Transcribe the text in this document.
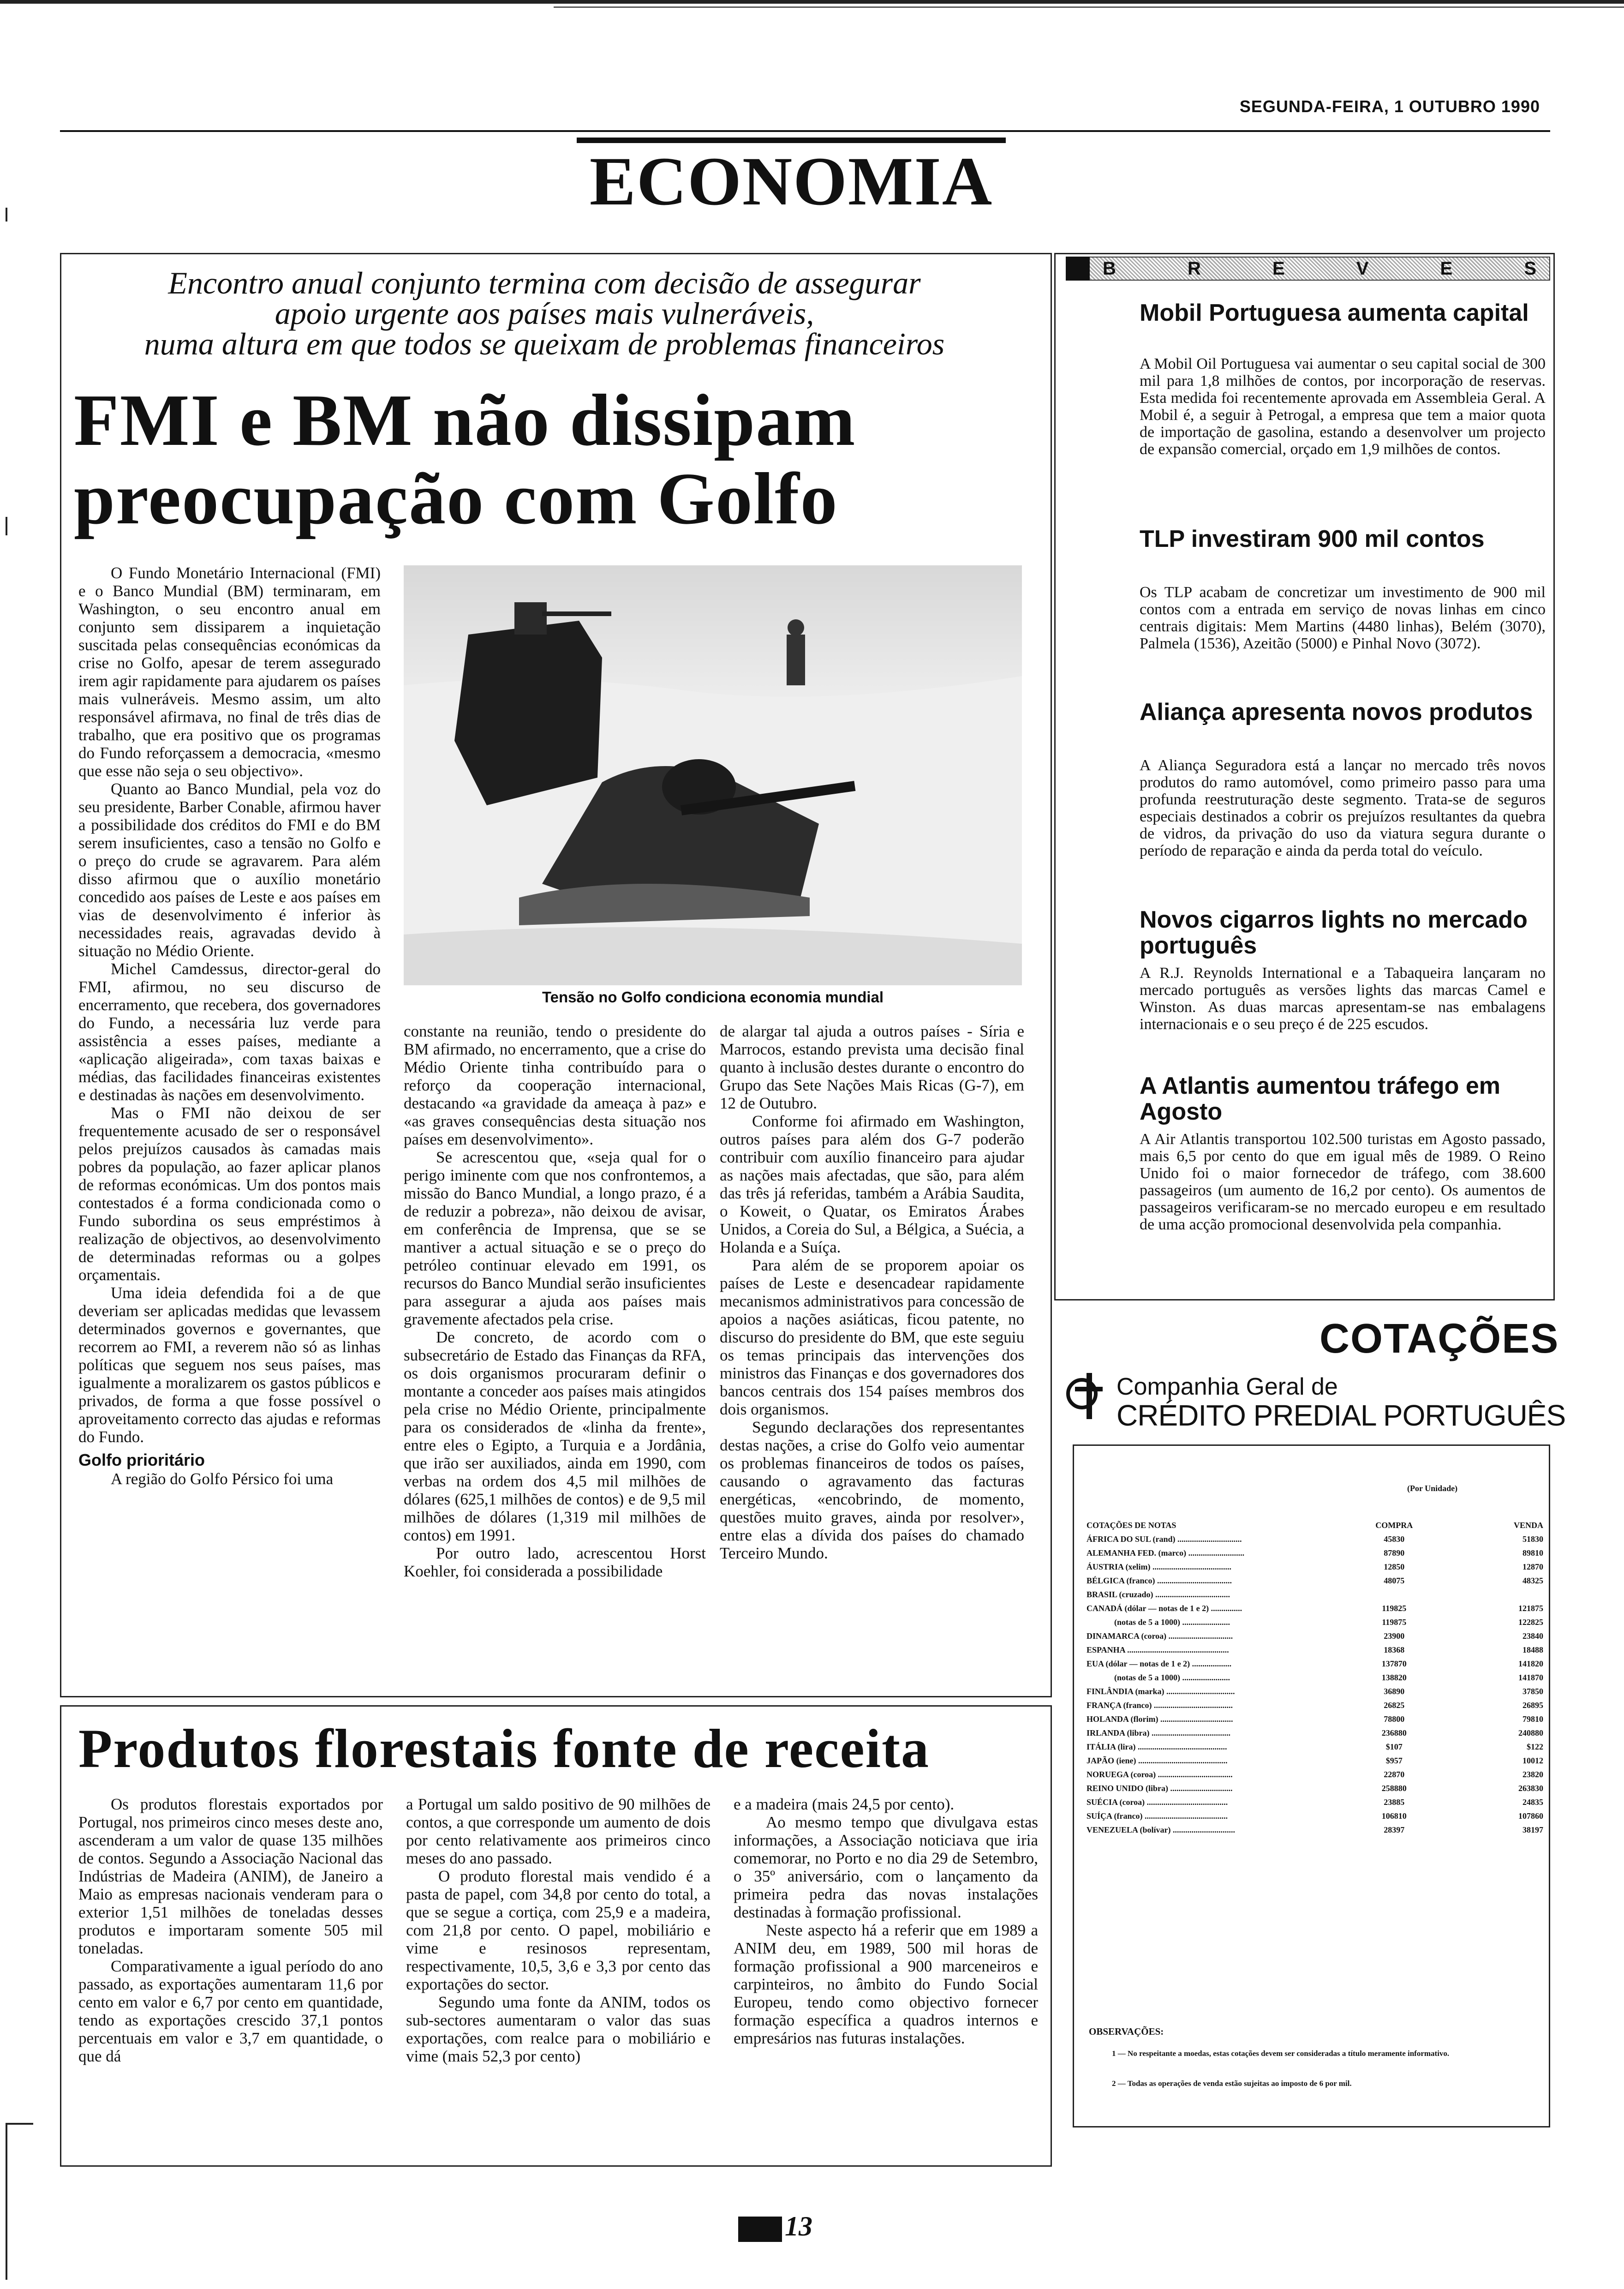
SEGUNDA-FEIRA, 1 OUTUBRO 1990
ECONOMIA
Encontro anual conjunto termina com decisão de assegurar
apoio urgente aos países mais vulneráveis,
numa altura em que todos se queixam de problemas financeiros
FMI e BM não dissipam
preocupação com Golfo

O Fundo Monetário Internacional (FMI) e o Banco Mundial (BM) terminaram, em Washington, o seu encontro anual em conjunto sem dissiparem a inquietação suscitada pelas consequências económicas da crise no Golfo, apesar de terem assegurado irem agir rapidamente para ajudarem os países mais vulneráveis. Mesmo assim, um alto responsável afirmava, no final de três dias de trabalho, que era positivo que os programas do Fundo reforçassem a democracia, «mesmo que esse não seja o seu objectivo».

Quanto ao Banco Mundial, pela voz do seu presidente, Barber Conable, afirmou haver a possibilidade dos créditos do FMI e do BM serem insuficientes, caso a tensão no Golfo e o preço do crude se agravarem. Para além disso afirmou que o auxílio monetário concedido aos países de Leste e aos países em vias de desenvolvimento é inferior às necessidades reais, agravadas devido à situação no Médio Oriente.

Michel Camdessus, director-geral do FMI, afirmou, no seu discurso de encerramento, que recebera, dos governadores do Fundo, a necessária luz verde para assistência a esses países, mediante a «aplicação aligeirada», com taxas baixas e médias, das facilidades financeiras existentes e destinadas às nações em desenvolvimento.

Mas o FMI não deixou de ser frequentemente acusado de ser o responsável pelos prejuízos causados às camadas mais pobres da população, ao fazer aplicar planos de reformas económicas. Um dos pontos mais contestados é a forma condicionada como o Fundo subordina os seus empréstimos à realização de objectivos, ao desenvolvimento de determinadas reformas ou a golpes orçamentais.

Uma ideia defendida foi a de que deveriam ser aplicadas medidas que levassem determinados governos e governantes, que recorrem ao FMI, a reverem não só as linhas políticas que seguem nos seus países, mas igualmente a moralizarem os gastos públicos e privados, de forma a que fosse possível o aproveitamento correcto das ajudas e reformas do Fundo.

Golfo prioritário

A região do Golfo Pérsico foi uma

Tensão no Golfo condiciona economia mundial

constante na reunião, tendo o presidente do BM afirmado, no encerramento, que a crise do Médio Oriente tinha contribuído para o reforço da cooperação internacional, destacando «a gravidade da ameaça à paz» e «as graves consequências desta situação nos países em desenvolvimento».

Se acrescentou que, «seja qual for o perigo iminente com que nos confrontemos, a missão do Banco Mundial, a longo prazo, é a de reduzir a pobreza», não deixou de avisar, em conferência de Imprensa, que se se mantiver a actual situação e se o preço do petróleo continuar elevado em 1991, os recursos do Banco Mundial serão insuficientes para assegurar a ajuda aos países mais gravemente afectados pela crise.

De concreto, de acordo com o subsecretário de Estado das Finanças da RFA, os dois organismos procuraram definir o montante a conceder aos países mais atingidos pela crise no Médio Oriente, principalmente para os considerados de «linha da frente», entre eles o Egipto, a Turquia e a Jordânia, que irão ser auxiliados, ainda em 1990, com verbas na ordem dos 4,5 mil milhões de dólares (625,1 milhões de contos) e de 9,5 mil milhões de dólares (1,319 mil milhões de contos) em 1991.

Por outro lado, acrescentou Horst Koehler, foi considerada a possibilidade

de alargar tal ajuda a outros países - Síria e Marrocos, estando prevista uma decisão final quanto à inclusão destes durante o encontro do Grupo das Sete Nações Mais Ricas (G-7), em 12 de Outubro.

Conforme foi afirmado em Washington, outros países para além dos G-7 poderão contribuir com auxílio financeiro para ajudar as nações mais afectadas, que são, para além das três já referidas, também a Arábia Saudita, o Koweit, o Quatar, os Emiratos Árabes Unidos, a Coreia do Sul, a Bélgica, a Suécia, a Holanda e a Suíça.

Para além de se proporem apoiar os países de Leste e desencadear rapidamente mecanismos administrativos para concessão de apoios a nações asiáticas, ficou patente, no discurso do presidente do BM, que este seguiu os temas principais das intervenções dos ministros das Finanças e dos governadores dos bancos centrais dos 154 países membros dos dois organismos.

Segundo declarações dos representantes destas nações, a crise do Golfo veio aumentar os problemas financeiros de todos os países, causando o agravamento das facturas energéticas, «encobrindo, de momento, questões muito graves, ainda por resolver», entre elas a dívida dos países do chamado Terceiro Mundo.

B	R	E	V	E	S
Mobil Portuguesa aumenta capital
A Mobil Oil Portuguesa vai aumentar o seu capital social de 300 mil para 1,8 milhões de contos, por incorporação de reservas. Esta medida foi recentemente aprovada em Assembleia Geral. A Mobil é, a seguir à Petrogal, a empresa que tem a maior quota de importação de gasolina, estando a desenvolver um projecto de expansão comercial, orçado em 1,9 milhões de contos.
TLP investiram 900 mil contos
Os TLP acabam de concretizar um investimento de 900 mil contos com a entrada em serviço de novas linhas em cinco centrais digitais: Mem Martins (4480 linhas), Belém (3070), Palmela (1536), Azeitão (5000) e Pinhal Novo (3072).
Aliança apresenta novos produtos
A Aliança Seguradora está a lançar no mercado três novos produtos do ramo automóvel, como primeiro passo para uma profunda reestruturação deste segmento. Trata-se de seguros especiais destinados a cobrir os prejuízos resultantes da quebra de vidros, da privação do uso da viatura segura durante o período de reparação e ainda da perda total do veículo.
Novos cigarros lights no mercado português
A R.J. Reynolds International e a Tabaqueira lançaram no mercado português as versões lights das marcas Camel e Winston. As duas marcas apresentam-se nas embalagens internacionais e o seu preço é de 225 escudos.
A Atlantis aumentou tráfego em Agosto
A Air Atlantis transportou 102.500 turistas em Agosto passado, mais 6,5 por cento do que em igual mês de 1989. O Reino Unido foi o maior fornecedor de tráfego, com 38.600 passageiros (um aumento de 16,2 por cento). Os aumentos de passageiros verificaram-se no mercado europeu e em resultado de uma acção promocional desenvolvida pela companhia.
COTAÇÕES
Companhia Geral de
CRÉDITO PREDIAL PORTUGUÊS
(Por Unidade)
COTAÇÕES DE NOTAS	COMPRA	VENDA
ÁFRICA DO SUL (rand) ...............................	45830	51830
ALEMANHA FED. (marco) ...........................	87890	89810
ÁUSTRIA (xelim) ......................................	12850	12870
BÉLGICA (franco) ....................................	48075	48325
BRASIL (cruzado) ....................................		
CANADÁ (dólar — notas de 1 e 2) ...............	119825	121875
(notas de 5 a 1000) .......................	119875	122825
DINAMARCA (coroa) ...............................	23900	23840
ESPANHA .................................................	18368	18488
EUA (dólar — notas de 1 e 2) ...................	137870	141820
(notas de 5 a 1000) .......................	138820	141870
FINLÂNDIA (marka) .................................	36890	37850
FRANÇA (franco) ......................................	26825	26895
HOLANDA (florim) ...................................	78800	79810
IRLANDA (libra) ......................................	236880	240880
ITÁLIA (lira) ...........................................	$107	$122
JAPÃO (iene) ...........................................	$957	10012
NORUEGA (coroa) ....................................	22870	23820
REINO UNIDO (libra) ..............................	258880	263830
SUÉCIA (coroa) .......................................	23885	24835
SUÍÇA (franco) ........................................	106810	107860
VENEZUELA (bolívar) ..............................	28397	38197
OBSERVAÇÕES:
1 — No respeitante a moedas, estas cotações devem ser consideradas a título meramente informativo.
2 — Todas as operações de venda estão sujeitas ao imposto de 6 por mil.
Produtos florestais fonte de receita

Os produtos florestais exportados por Portugal, nos primeiros cinco meses deste ano, ascenderam a um valor de quase 135 milhões de contos. Segundo a Associação Nacional das Indústrias de Madeira (ANIM), de Janeiro a Maio as empresas nacionais venderam para o exterior 1,51 milhões de toneladas desses produtos e importaram somente 505 mil toneladas.

Comparativamente a igual período do ano passado, as exportações aumentaram 11,6 por cento em valor e 6,7 por cento em quantidade, tendo as exportações crescido 37,1 pontos percentuais em valor e 3,7 em quantidade, o que dá

a Portugal um saldo positivo de 90 milhões de contos, a que corresponde um aumento de dois por cento relativamente aos primeiros cinco meses do ano passado.

O produto florestal mais vendido é a pasta de papel, com 34,8 por cento do total, a que se segue a cortiça, com 25,9 e a madeira, com 21,8 por cento. O papel, mobiliário e vime e resinosos representam, respectivamente, 10,5, 3,6 e 3,3 por cento das exportações do sector.

Segundo uma fonte da ANIM, todos os sub-sectores aumentaram o valor das suas exportações, com realce para o mobiliário e vime (mais 52,3 por cento)

e a madeira (mais 24,5 por cento).

Ao mesmo tempo que divulgava estas informações, a Associação noticiava que iria comemorar, no Porto e no dia 29 de Setembro, o 35º aniversário, com o lançamento da primeira pedra das novas instalações destinadas à formação profissional.

Neste aspecto há a referir que em 1989 a ANIM deu, em 1989, 500 mil horas de formação profissional a 900 marceneiros e carpinteiros, no âmbito do Fundo Social Europeu, tendo como objectivo fornecer formação específica a quadros internos e empresários nas futuras instalações.

13
